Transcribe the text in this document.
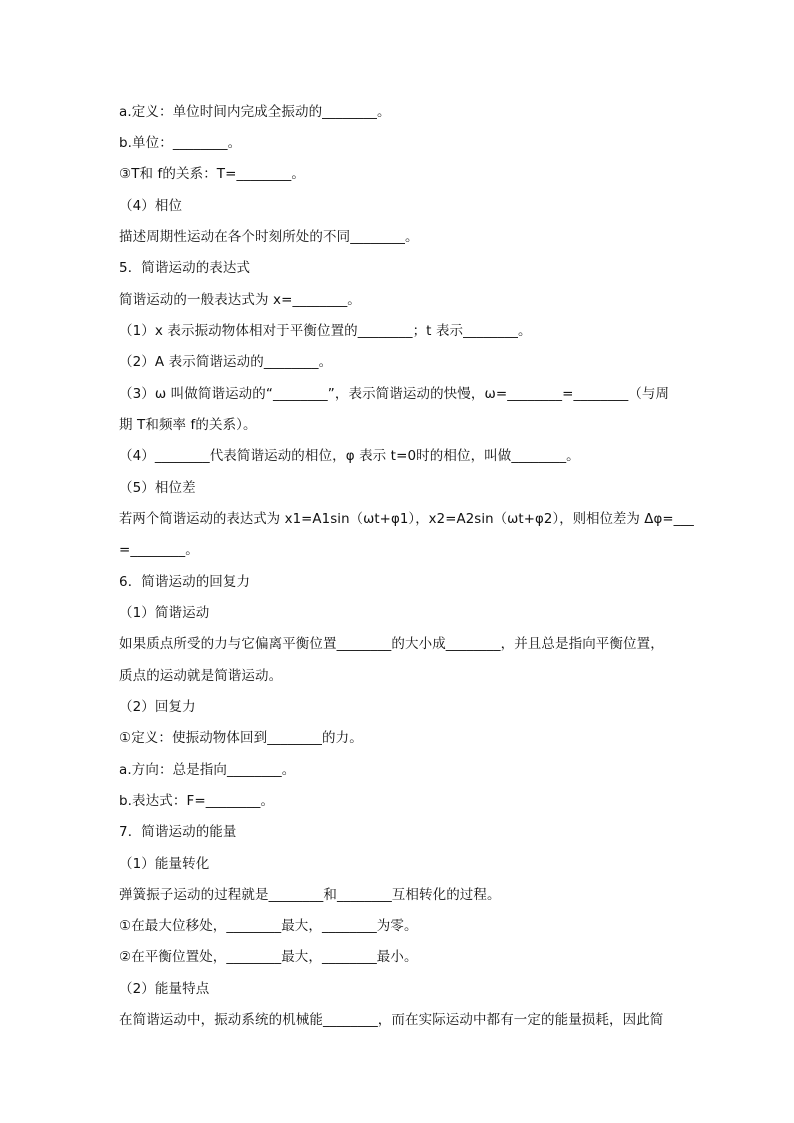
a.定义：单位时间内完成全振动的________。
b.单位：________。
③T和 f的关系：T=________。
（4）相位
描述周期性运动在各个时刻所处的不同________。
5．简谐运动的表达式
简谐运动的一般表达式为 x=________。
（1）x 表示振动物体相对于平衡位置的________；t 表示________。
（2）A 表示简谐运动的________。
（3）ω 叫做简谐运动的“________”，表示简谐运动的快慢，ω=________=________（与周
期 T和频率 f的关系）。
（4）________代表简谐运动的相位，φ 表示 t=0时的相位，叫做________。
（5）相位差
若两个简谐运动的表达式为 x1=A1sin（ωt+φ1），x2=A2sin（ωt+φ2），则相位差为 Δφ=___
=________。
6．简谐运动的回复力
（1）简谐运动
如果质点所受的力与它偏离平衡位置________的大小成________，并且总是指向平衡位置，
质点的运动就是简谐运动。
（2）回复力
①定义：使振动物体回到________的力。
a.方向：总是指向________。
b.表达式：F=________。
7．简谐运动的能量
（1）能量转化
弹簧振子运动的过程就是________和________互相转化的过程。
①在最大位移处，________最大，________为零。
②在平衡位置处，________最大，________最小。
（2）能量特点
在简谐运动中，振动系统的机械能________，而在实际运动中都有一定的能量损耗，因此简
